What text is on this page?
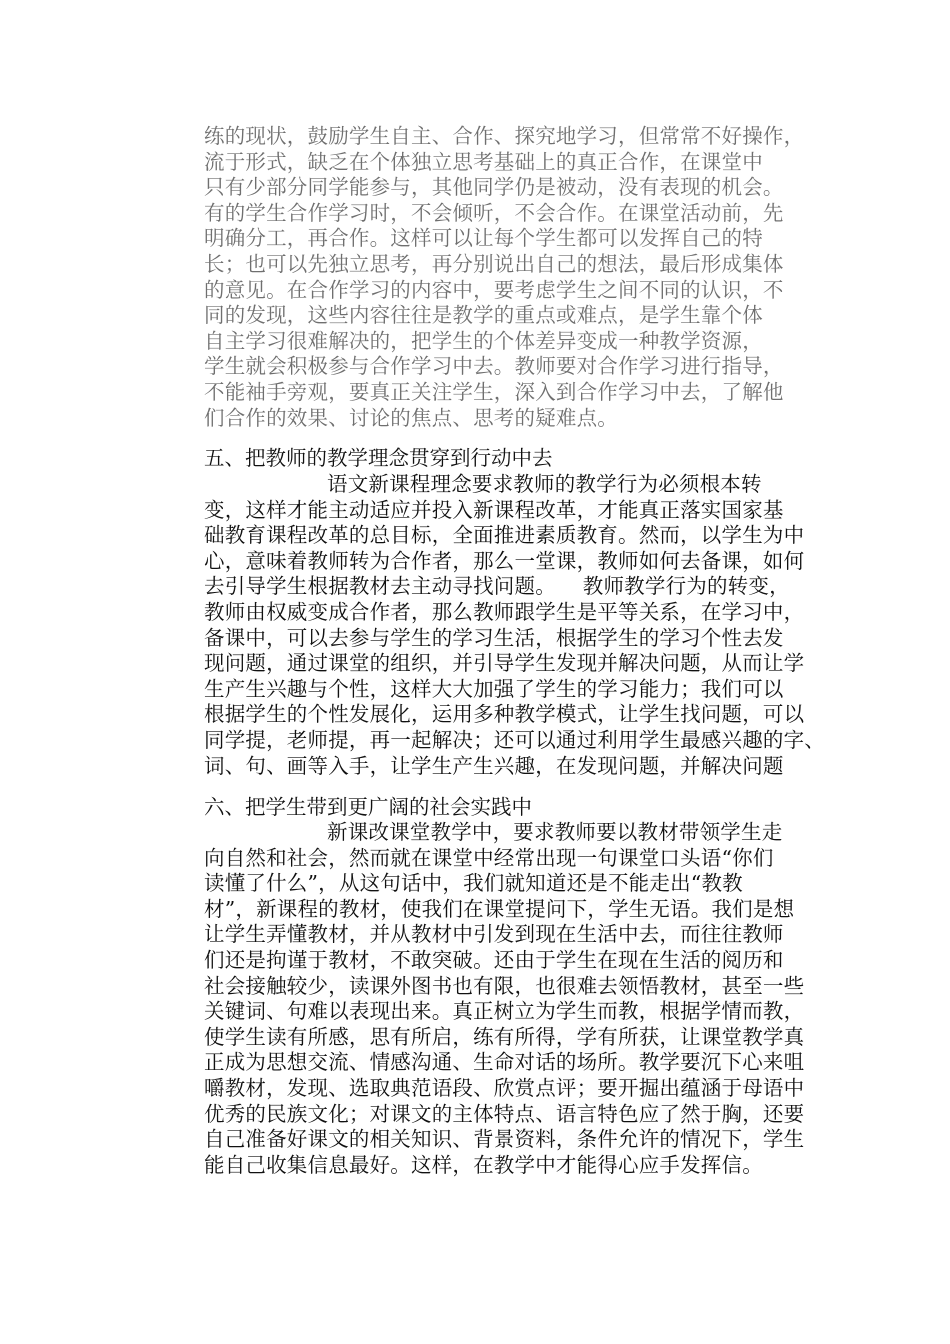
练的现状，鼓励学生自主、合作、探究地学习，但常常不好操作，
流于形式，缺乏在个体独立思考基础上的真正合作，在课堂中
只有少部分同学能参与，其他同学仍是被动，没有表现的机会。
有的学生合作学习时，不会倾听，不会合作。在课堂活动前，先
明确分工，再合作。这样可以让每个学生都可以发挥自己的特
长；也可以先独立思考，再分别说出自己的想法，最后形成集体
的意见。在合作学习的内容中，要考虑学生之间不同的认识，不
同的发现，这些内容往往是教学的重点或难点，是学生靠个体
自主学习很难解决的，把学生的个体差异变成一种教学资源，
学生就会积极参与合作学习中去。教师要对合作学习进行指导，
不能袖手旁观，要真正关注学生，深入到合作学习中去，了解他
们合作的效果、讨论的焦点、思考的疑难点。
五、把教师的教学理念贯穿到行动中去
语文新课程理念要求教师的教学行为必须根本转
变，这样才能主动适应并投入新课程改革，才能真正落实国家基
础教育课程改革的总目标，全面推进素质教育。然而，以学生为中
心，意味着教师转为合作者，那么一堂课，教师如何去备课，如何
去引导学生根据教材去主动寻找问题。    教师教学行为的转变，
教师由权威变成合作者，那么教师跟学生是平等关系，在学习中，
备课中，可以去参与学生的学习生活，根据学生的学习个性去发
现问题，通过课堂的组织，并引导学生发现并解决问题，从而让学
生产生兴趣与个性，这样大大加强了学生的学习能力；我们可以
根据学生的个性发展化，运用多种教学模式，让学生找问题，可以
同学提，老师提，再一起解决；还可以通过利用学生最感兴趣的字、
词、句、画等入手，让学生产生兴趣，在发现问题，并解决问题
六、把学生带到更广阔的社会实践中
新课改课堂教学中，要求教师要以教材带领学生走
向自然和社会，然而就在课堂中经常出现一句课堂口头语“你们
读懂了什么”，从这句话中，我们就知道还是不能走出“教教
材”，新课程的教材，使我们在课堂提问下，学生无语。我们是想
让学生弄懂教材，并从教材中引发到现在生活中去，而往往教师
们还是拘谨于教材，不敢突破。还由于学生在现在生活的阅历和
社会接触较少，读课外图书也有限，也很难去领悟教材，甚至一些
关键词、句难以表现出来。真正树立为学生而教，根据学情而教，
使学生读有所感，思有所启，练有所得，学有所获，让课堂教学真
正成为思想交流、情感沟通、生命对话的场所。教学要沉下心来咀
嚼教材，发现、选取典范语段、欣赏点评；要开掘出蕴涵于母语中
优秀的民族文化；对课文的主体特点、语言特色应了然于胸，还要
自己准备好课文的相关知识、背景资料，条件允许的情况下，学生
能自己收集信息最好。这样，在教学中才能得心应手发挥信。
